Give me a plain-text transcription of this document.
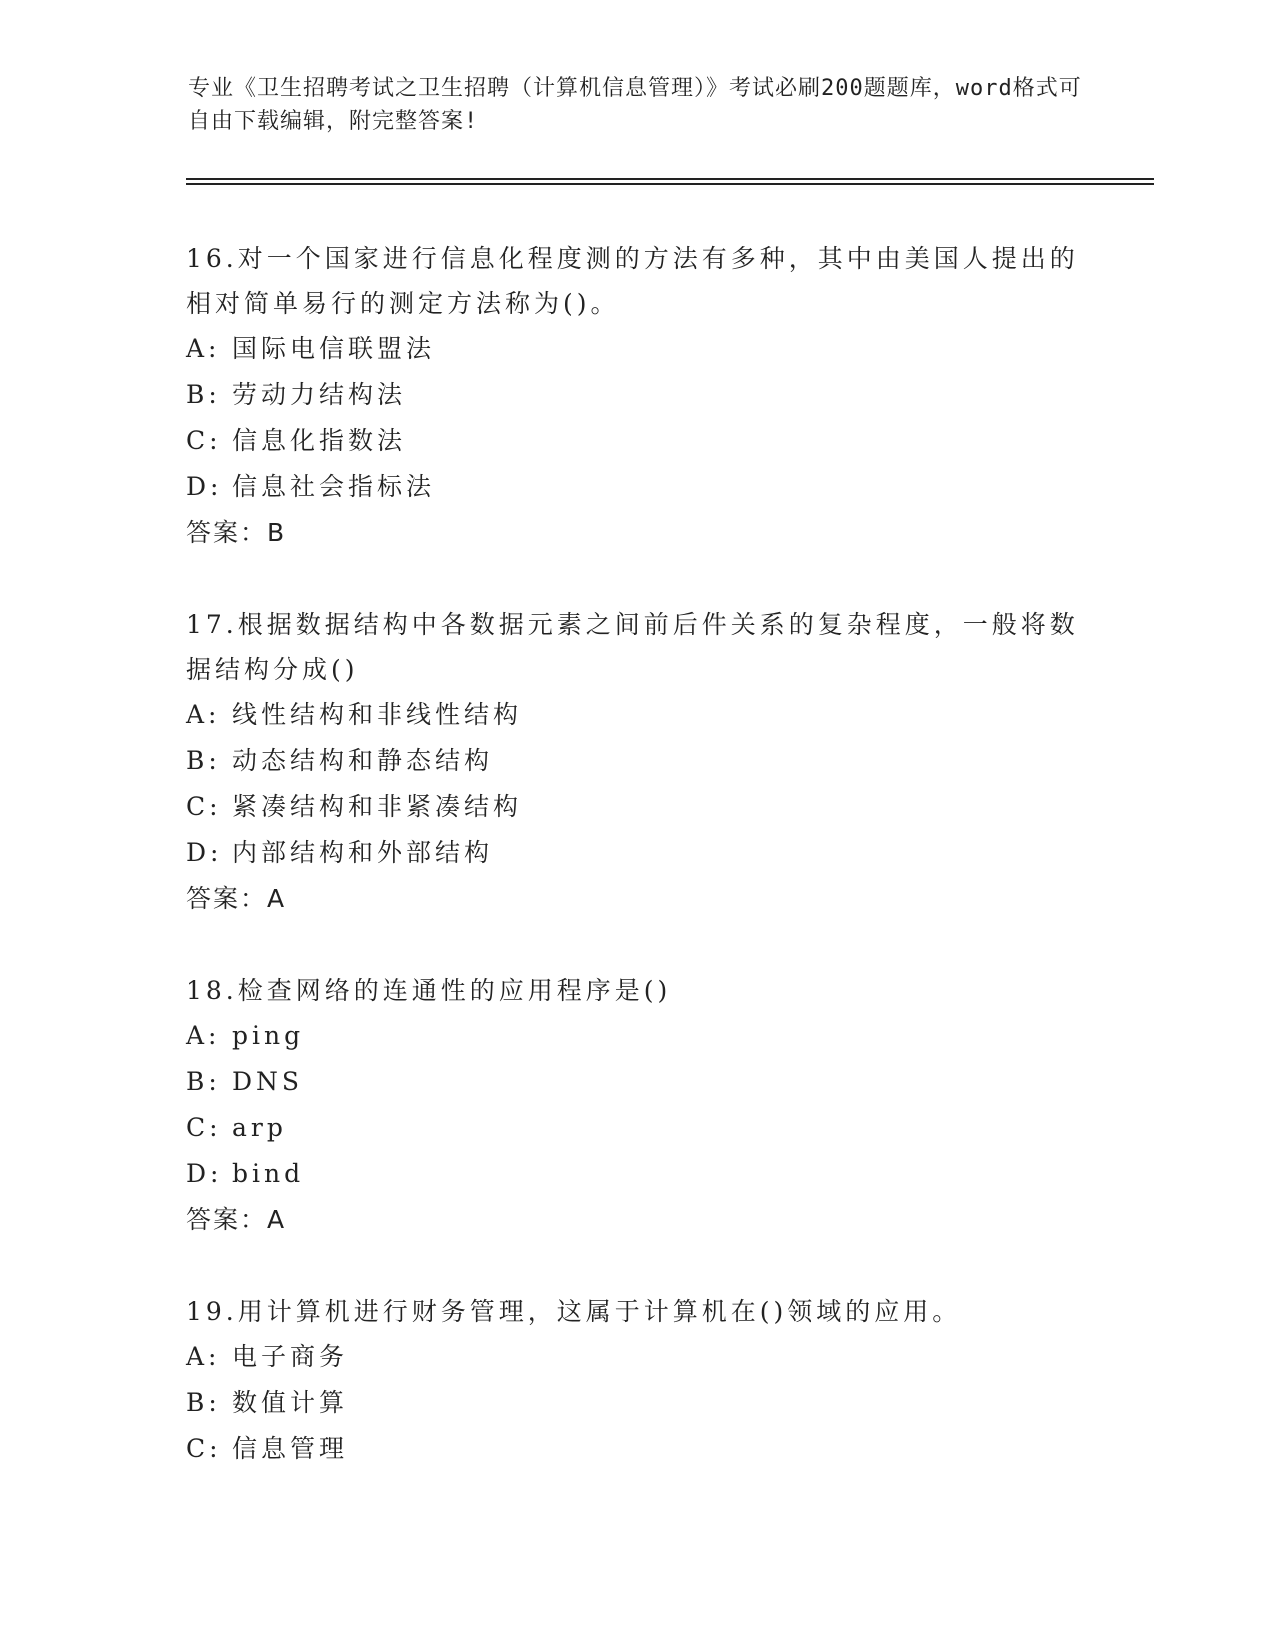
专业《卫生招聘考试之卫生招聘（计算机信息管理）》考试必刷200题题库，word格式可自由下载编辑，附完整答案!
16.对一个国家进行信息化程度测的方法有多种，其中由美国人提出的相对简单易行的测定方法称为()。
A: 国际电信联盟法
B: 劳动力结构法
C: 信息化指数法
D: 信息社会指标法
答案：B
17.根据数据结构中各数据元素之间前后件关系的复杂程度，一般将数据结构分成()
A: 线性结构和非线性结构
B: 动态结构和静态结构
C: 紧凑结构和非紧凑结构
D: 内部结构和外部结构
答案：A
18.检查网络的连通性的应用程序是()
A: ping
B: DNS
C: arp
D: bind
答案：A
19.用计算机进行财务管理，这属于计算机在()领域的应用。
A: 电子商务
B: 数值计算
C: 信息管理
